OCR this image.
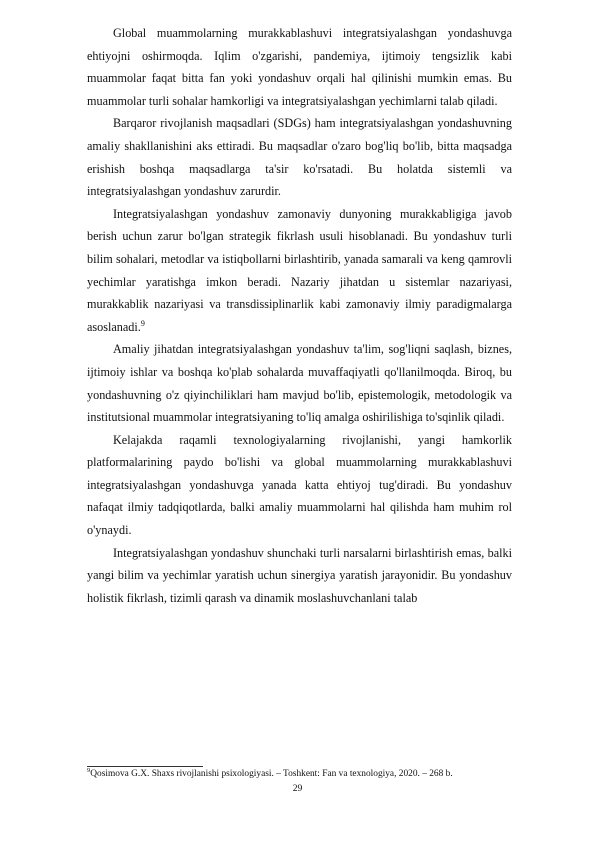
Global muammolarning murakkablashuvi integratsiyalashgan yondashuvga ehtiyojni oshirmoqda. Iqlim o'zgarishi, pandemiya, ijtimoiy tengsizlik kabi muammolar faqat bitta fan yoki yondashuv orqali hal qilinishi mumkin emas. Bu muammolar turli sohalar hamkorligi va integratsiyalashgan yechimlarni talab qiladi.

Barqaror rivojlanish maqsadlari (SDGs) ham integratsiyalashgan yondashuvning amaliy shakllanishini aks ettiradi. Bu maqsadlar o'zaro bog'liq bo'lib, bitta maqsadga erishish boshqa maqsadlarga ta'sir ko'rsatadi. Bu holatda sistemli va integratsiyalashgan yondashuv zarurdir.

Integratsiyalashgan yondashuv zamonaviy dunyoning murakkabligiga javob berish uchun zarur bo'lgan strategik fikrlash usuli hisoblanadi. Bu yondashuv turli bilim sohalari, metodlar va istiqbollarni birlashtirib, yanada samarali va keng qamrovli yechimlar yaratishga imkon beradi. Nazariy jihatdan u sistemlar nazariyasi, murakkablik nazariyasi va transdissiplinarlik kabi zamonaviy ilmiy paradigmalarga asoslanadi.$^9$

Amaliy jihatdan integratsiyalashgan yondashuv ta'lim, sog'liqni saqlash, biznes, ijtimoiy ishlar va boshqa ko'plab sohalarda muvaffaqiyatli qo'llanilmoqda. Biroq, bu yondashuvning o'z qiyinchiliklari ham mavjud bo'lib, epistemologik, metodologik va institutsional muammolar integratsiyaning to'liq amalga oshirilishiga to'sqinlik qiladi.

Kelajakda raqamli texnologiyalarning rivojlanishi, yangi hamkorlik platformalarining paydo bo'lishi va global muammolarning murakkablashuvi integratsiyalashgan yondashuvga yanada katta ehtiyoj tug'diradi. Bu yondashuv nafaqat ilmiy tadqiqotlarda, balki amaliy muammolarni hal qilishda ham muhim rol o'ynaydi.

Integratsiyalashgan yondashuv shunchaki turli narsalarni birlashtirish emas, balki yangi bilim va yechimlar yaratish uchun sinergiya yaratish jarayonidir. Bu yondashuv holistik fikrlash, tizimli qarash va dinamik moslashuvchanlani talab

$^9$Qosimova G.X. Shaxs rivojlanishi psixologiyasi. – Toshkent: Fan va texnologiya, 2020. – 268 b.
29
